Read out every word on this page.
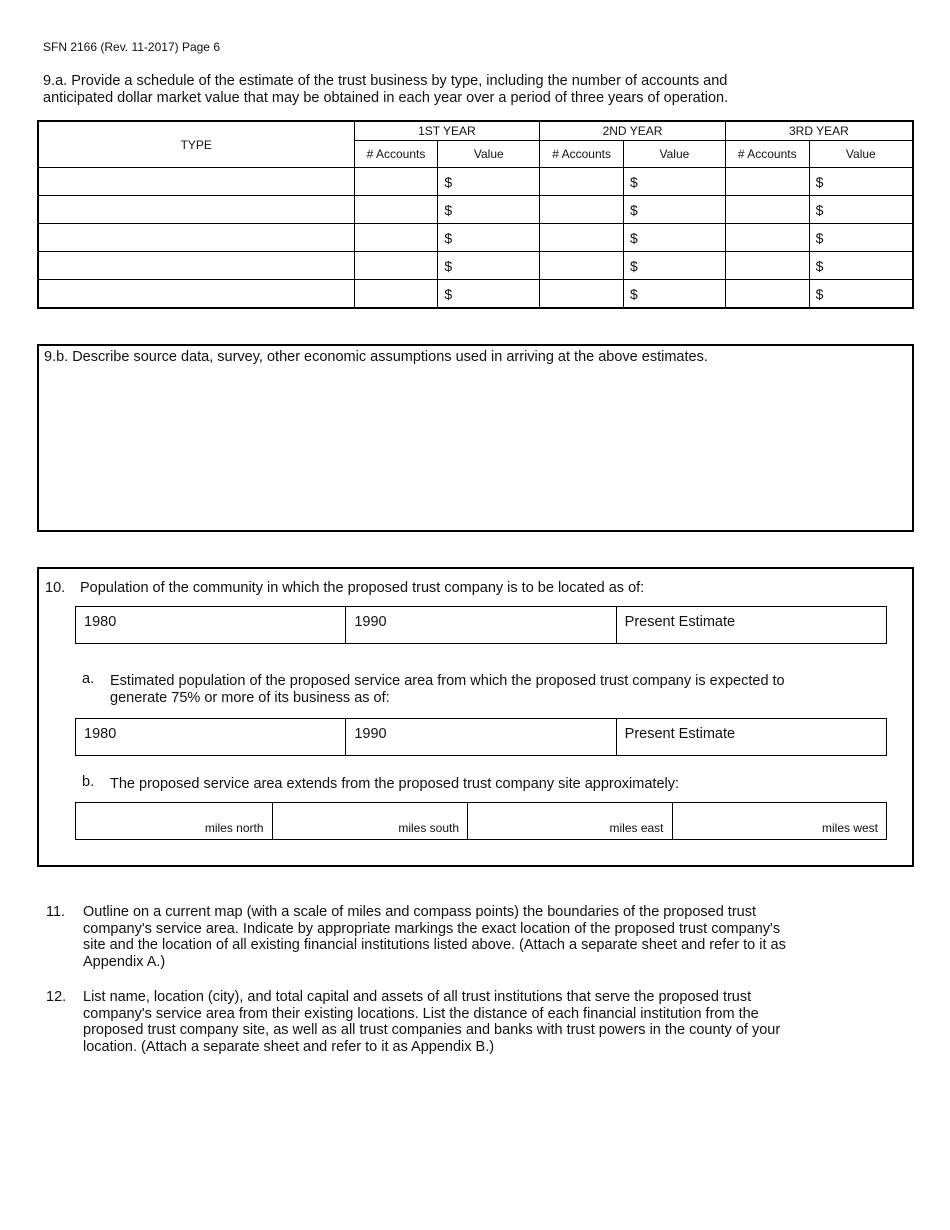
SFN 2166 (Rev. 11-2017) Page 6
9.a. Provide a schedule of the estimate of the trust business by type, including the number of accounts and
anticipated dollar market value that may be obtained in each year over a period of three years of operation.
TYPE	1ST YEAR		2ND YEAR		3RD YEAR	
	# Accounts	Value	# Accounts	Value	# Accounts	Value
		$		$		$
		$		$		$
		$		$		$
		$		$		$
		$		$		$
9.b. Describe source data, survey, other economic assumptions used in arriving at the above estimates.
10. Population of the community in which the proposed trust company is to be located as of:
1980	1990	Present Estimate
a. Estimated population of the proposed service area from which the proposed trust company is expected to
generate 75% or more of its business as of:
1980	1990	Present Estimate
b. The proposed service area extends from the proposed trust company site approximately:
miles north	miles south	miles east	miles west
11. Outline on a current map (with a scale of miles and compass points) the boundaries of the proposed trust
company's service area. Indicate by appropriate markings the exact location of the proposed trust company's
site and the location of all existing financial institutions listed above. (Attach a separate sheet and refer to it as
Appendix A.)
12. List name, location (city), and total capital and assets of all trust institutions that serve the proposed trust
company's service area from their existing locations. List the distance of each financial institution from the
proposed trust company site, as well as all trust companies and banks with trust powers in the county of your
location. (Attach a separate sheet and refer to it as Appendix B.)
